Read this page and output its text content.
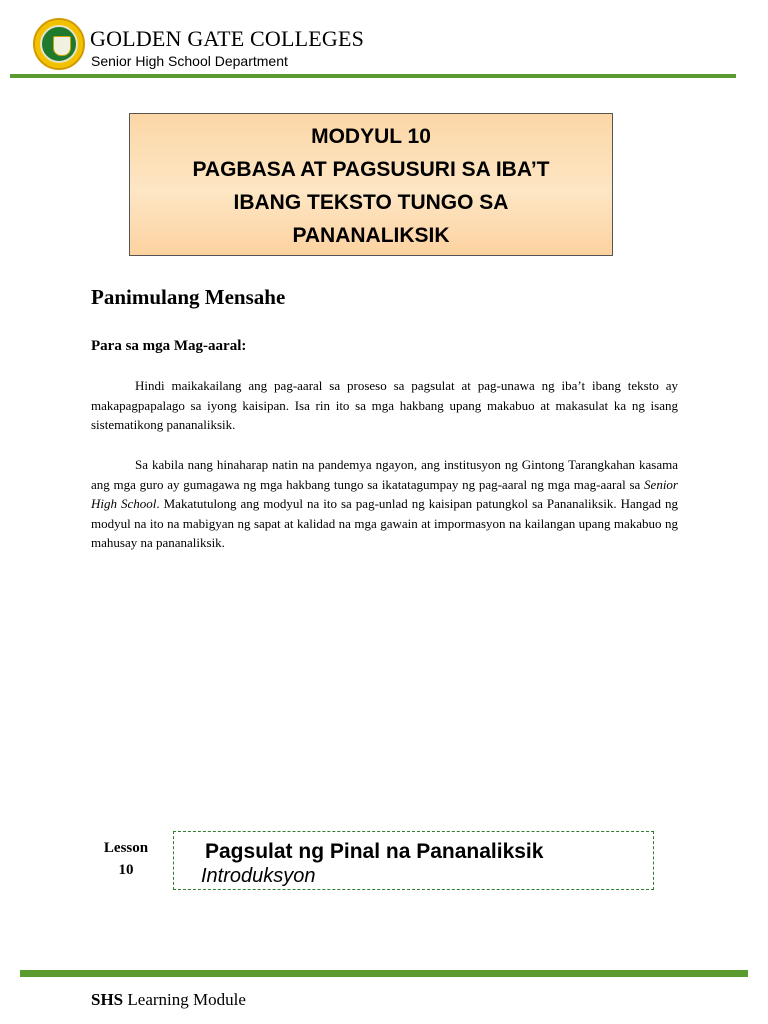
GOLDEN GATE COLLEGES
Senior High School Department
MODYUL 10
PAGBASA AT PAGSUSURI SA IBA’T
IBANG TEKSTO TUNGO SA
PANANALIKSIK
Panimulang Mensahe
Para sa mga Mag-aaral:
Hindi maikakailang ang pag-aaral sa proseso sa pagsulat at pag-unawa ng iba’t ibang teksto ay makapagpapalago sa iyong kaisipan. Isa rin ito sa mga hakbang upang makabuo at makasulat ka ng isang sistematikong pananaliksik.
Sa kabila nang hinaharap natin na pandemya ngayon, ang institusyon ng Gintong Tarangkahan kasama ang mga guro ay gumagawa ng mga hakbang tungo sa ikatatagumpay ng pag-aaral ng mga mag-aaral sa Senior High School. Makatutulong ang modyul na ito sa pag-unlad ng kaisipan patungkol sa Pananaliksik. Hangad ng modyul na ito na mabigyan ng sapat at kalidad na mga gawain at impormasyon na kailangan upang makabuo ng mahusay na pananaliksik.
Lesson
10
Pagsulat ng Pinal na Pananaliksik
Introduksyon
SHS Learning Module
